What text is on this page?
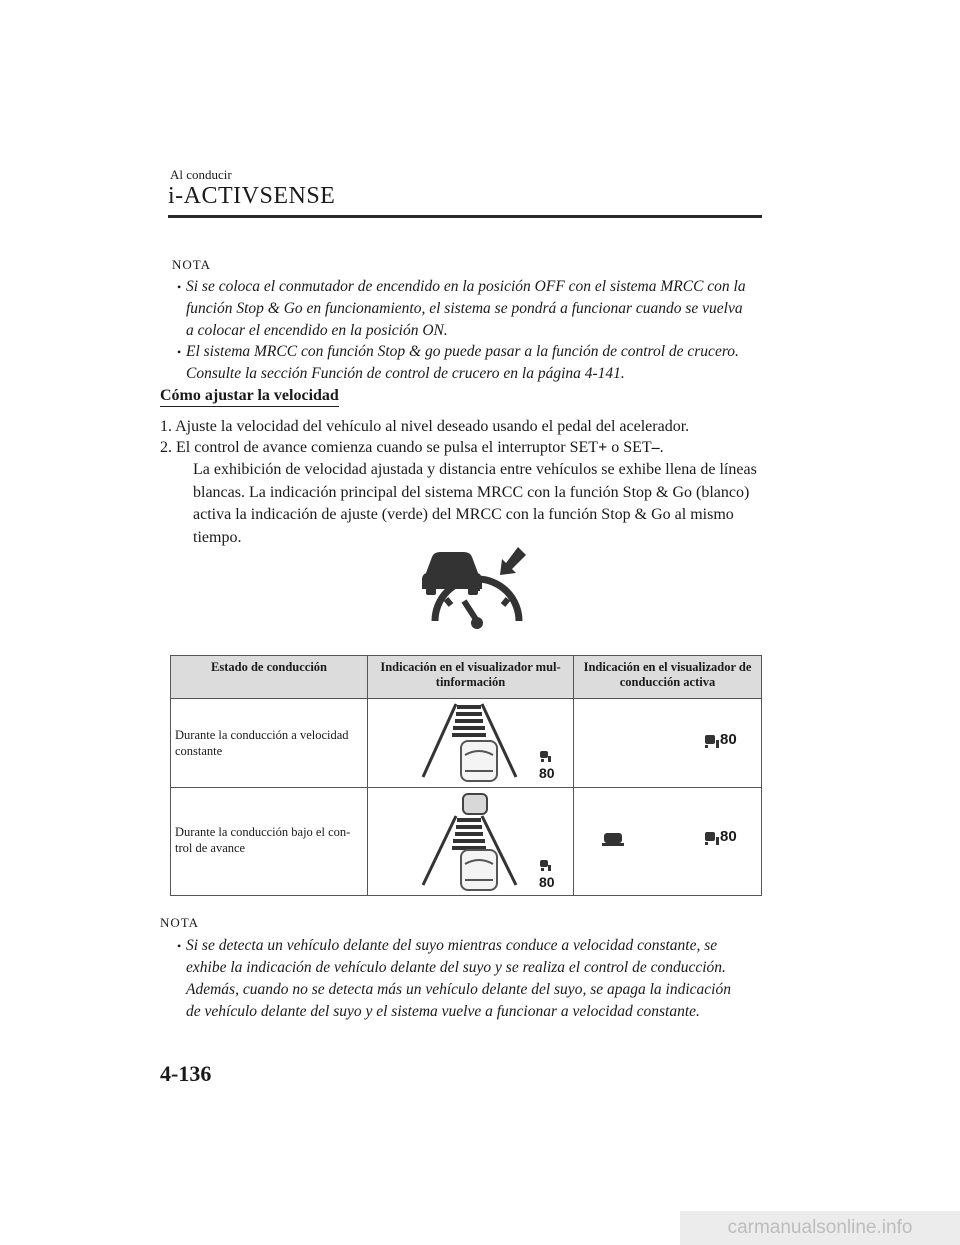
Al conducir
i-ACTIVSENSE
NOTA
• Si se coloca el conmutador de encendido en la posición OFF con el sistema MRCC con la
función Stop & Go en funcionamiento, el sistema se pondrá a funcionar cuando se vuelva
a colocar el encendido en la posición ON.
• El sistema MRCC con función Stop & go puede pasar a la función de control de crucero.
Consulte la sección Función de control de crucero en la página 4-141.
Cómo ajustar la velocidad
1. Ajuste la velocidad del vehículo al nivel deseado usando el pedal del acelerador.
2. El control de avance comienza cuando se pulsa el interruptor SET+ o SET–.
La exhibición de velocidad ajustada y distancia entre vehículos se exhibe llena de líneas
blancas. La indicación principal del sistema MRCC con la función Stop & Go (blanco)
activa la indicación de ajuste (verde) del MRCC con la función Stop & Go al mismo
tiempo.
Estado de conducción	Indicación en el visualizador mul-tinformación	Indicación en el visualizador de conducción activa

Durante la conducción a velocidad
constante	80	80

Durante la conducción bajo el con-
trol de avance	80	80
NOTA
• Si se detecta un vehículo delante del suyo mientras conduce a velocidad constante, se
exhibe la indicación de vehículo delante del suyo y se realiza el control de conducción.
Además, cuando no se detecta más un vehículo delante del suyo, se apaga la indicación
de vehículo delante del suyo y el sistema vuelve a funcionar a velocidad constante.
4-136
carmanualsonline.info
